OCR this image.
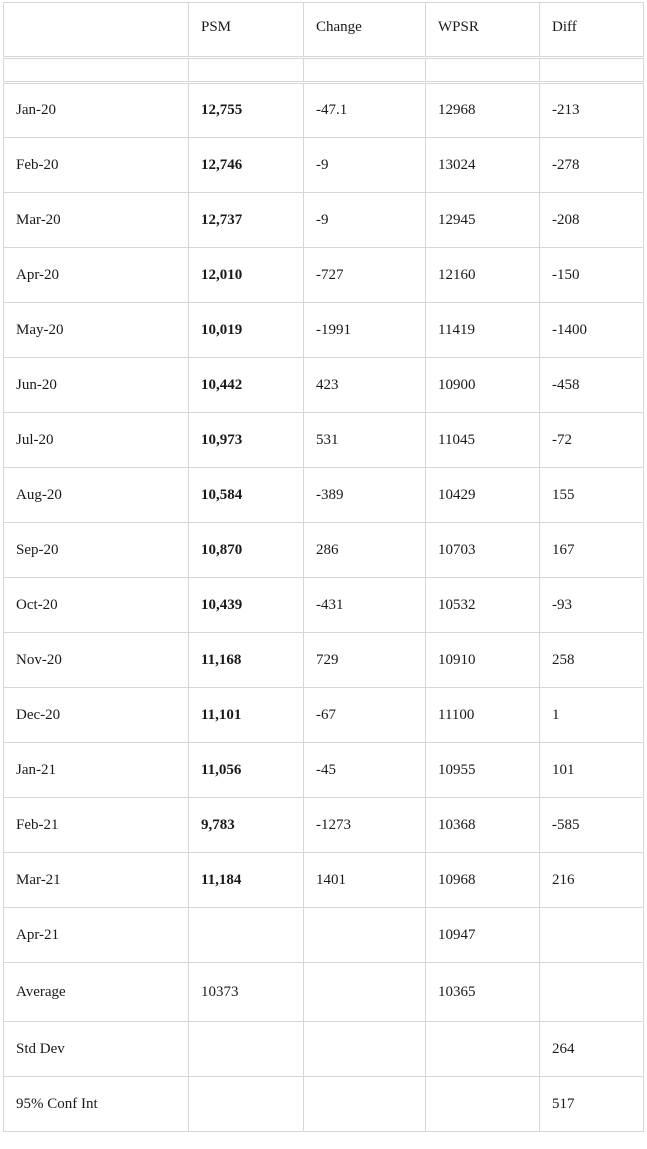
	PSM	Change	WPSR	Diff

Jan-20	12,755	-47.1	12968	-213
Feb-20	12,746	-9	13024	-278
Mar-20	12,737	-9	12945	-208
Apr-20	12,010	-727	12160	-150
May-20	10,019	-1991	11419	-1400
Jun-20	10,442	423	10900	-458
Jul-20	10,973	531	11045	-72
Aug-20	10,584	-389	10429	155
Sep-20	10,870	286	10703	167
Oct-20	10,439	-431	10532	-93
Nov-20	11,168	729	10910	258
Dec-20	11,101	-67	11100	1
Jan-21	11,056	-45	10955	101
Feb-21	9,783	-1273	10368	-585
Mar-21	11,184	1401	10968	216
Apr-21			10947	
Average	10373		10365	
Std Dev				264
95% Conf Int				517
